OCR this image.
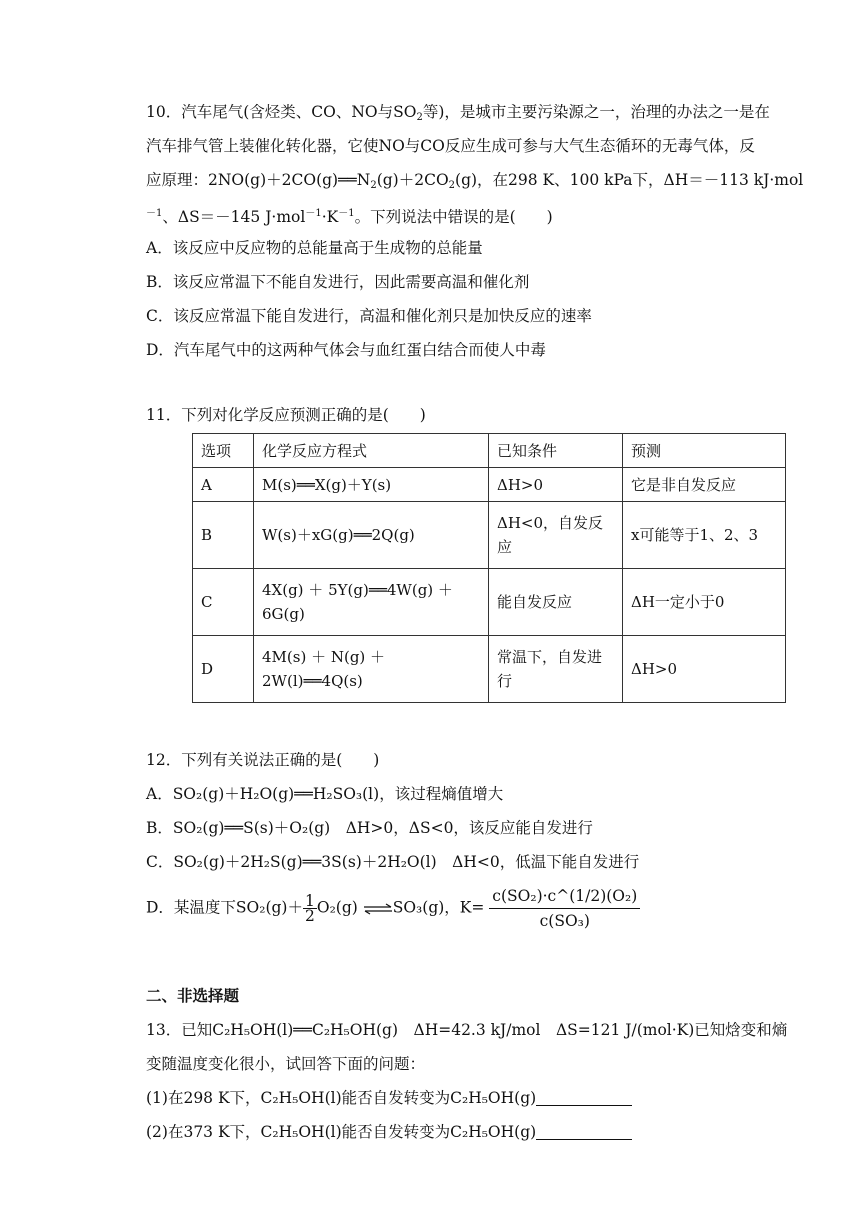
10．汽车尾气(含烃类、CO、NO与$SO_2$等)，是城市主要污染源之一，治理的办法之一是在
汽车排气管上装催化转化器，它使NO与CO反应生成可参与大气生态循环的无毒气体，反
应原理：$2NO(g)+2CO(g)══N_2(g)+2CO_2(g)$，在298 K、100 kPa下，ΔH＝－113 kJ·mol
$^{-1}$、ΔS＝－145 $J\cdot mol^{-1}\cdot K^{-1}$。下列说法中错误的是(　　)
A．该反应中反应物的总能量高于生成物的总能量
B．该反应常温下不能自发进行，因此需要高温和催化剂
C．该反应常温下能自发进行，高温和催化剂只是加快反应的速率
D．汽车尾气中的这两种气体会与血红蛋白结合而使人中毒
11．下列对化学反应预测正确的是(　　)
选项	化学反应方程式	已知条件	预测
A	M(s)══X(g)＋Y(s)	ΔH>0	它是非自发反应
B	W(s)＋xG(g)══2Q(g)	ΔH<0，自发反应	x可能等于1、2、3
C	4X(g) ＋ 5Y(g)══4W(g) ＋ 6G(g)	能自发反应	ΔH一定小于0
D	4M(s) ＋ N(g) ＋ 2W(l)══4Q(s)	常温下，自发进行	ΔH>0
12．下列有关说法正确的是(　　)
A．SO₂(g)＋H₂O(g)══H₂SO₃(l)，该过程熵值增大
B．SO₂(g)══S(s)＋O₂(g)　ΔH>0，ΔS<0，该反应能自发进行
C．SO₂(g)＋2H₂S(g)══3S(s)＋2H₂O(l)　ΔH<0，低温下能自发进行
D．某温度下$SO_2(g)+ \frac{1}{2} O_2(g)$ ⇌SO₃(g)，$K= \frac{\text{c(SO₂)·c\textasciicircum{}(1/2)(O₂)}}{\text{c(SO₃)}}$
二、非选择题
13．已知C₂H₅OH(l)══C₂H₅OH(g)　ΔH=42.3 kJ/mol　ΔS=121 J/(mol·K)已知焓变和熵
变随温度变化很小，试回答下面的问题：
(1)在298 K下，C₂H₅OH(l)能否自发转变为C₂H₅OH(g)
(2)在373 K下，C₂H₅OH(l)能否自发转变为C₂H₅OH(g)
